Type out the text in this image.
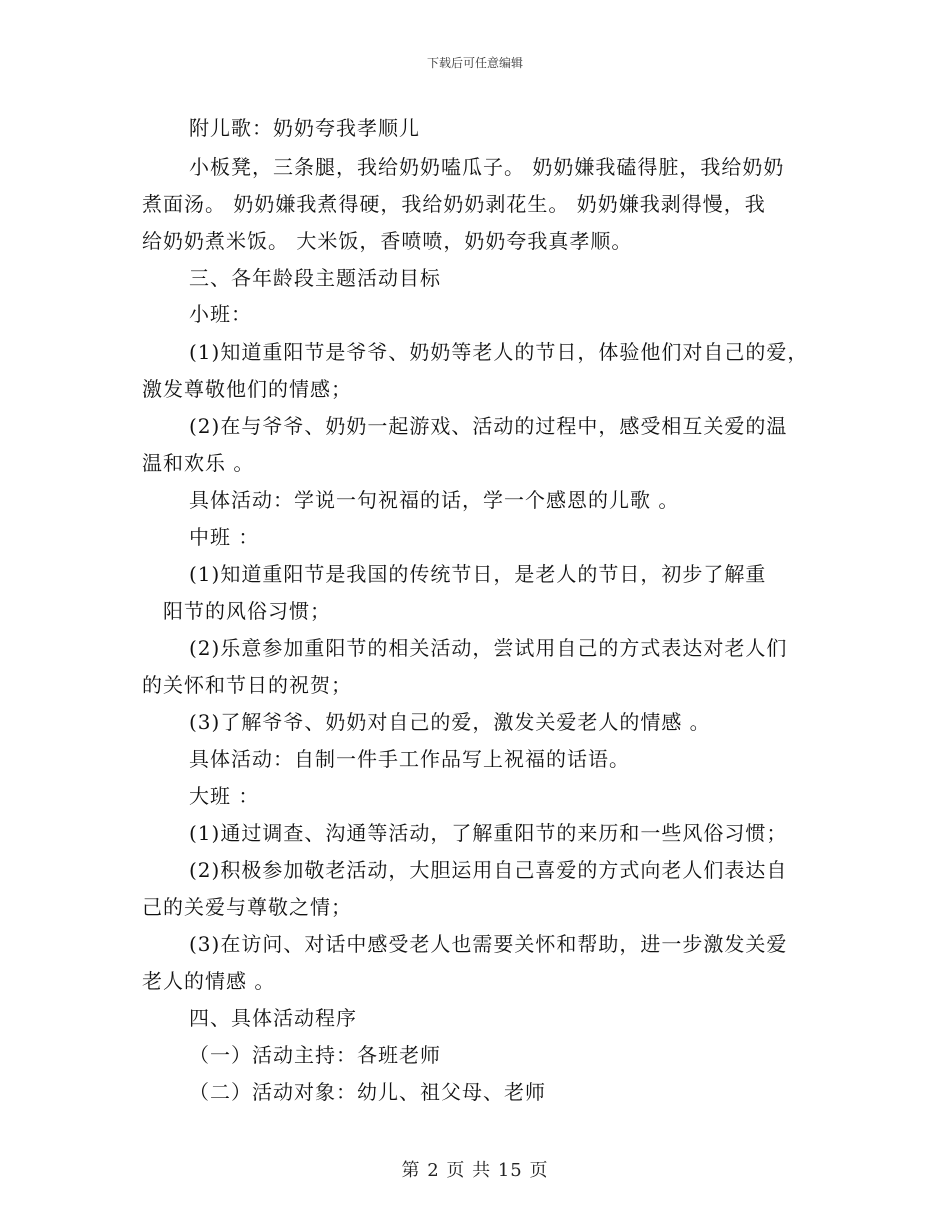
下载后可任意编辑
附儿歌：奶奶夸我孝顺儿
小板凳，三条腿，我给奶奶嗑瓜子。 奶奶嫌我磕得脏，我给奶奶
煮面汤。 奶奶嫌我煮得硬，我给奶奶剥花生。 奶奶嫌我剥得慢，我
给奶奶煮米饭。 大米饭，香喷喷，奶奶夸我真孝顺。
三、各年龄段主题活动目标
小班：
(1)知道重阳节是爷爷、奶奶等老人的节日，体验他们对自己的爱，
激发尊敬他们的情感；
(2)在与爷爷、奶奶一起游戏、活动的过程中，感受相互关爱的温
温和欢乐 。
具体活动：学说一句祝福的话，学一个感恩的儿歌 。
中班 ：
(1)知道重阳节是我国的传统节日，是老人的节日，初步了解重
阳节的风俗习惯；
(2)乐意参加重阳节的相关活动，尝试用自己的方式表达对老人们
的关怀和节日的祝贺；
(3)了解爷爷、奶奶对自己的爱，激发关爱老人的情感 。
具体活动：自制一件手工作品写上祝福的话语。
大班 ：
(1)通过调查、沟通等活动，了解重阳节的来历和一些风俗习惯；
(2)积极参加敬老活动，大胆运用自己喜爱的方式向老人们表达自
己的关爱与尊敬之情；
(3)在访问、对话中感受老人也需要关怀和帮助，进一步激发关爱
老人的情感 。
四、具体活动程序
（一）活动主持：各班老师
（二）活动对象：幼儿、祖父母、老师
第 2 页 共 15 页
